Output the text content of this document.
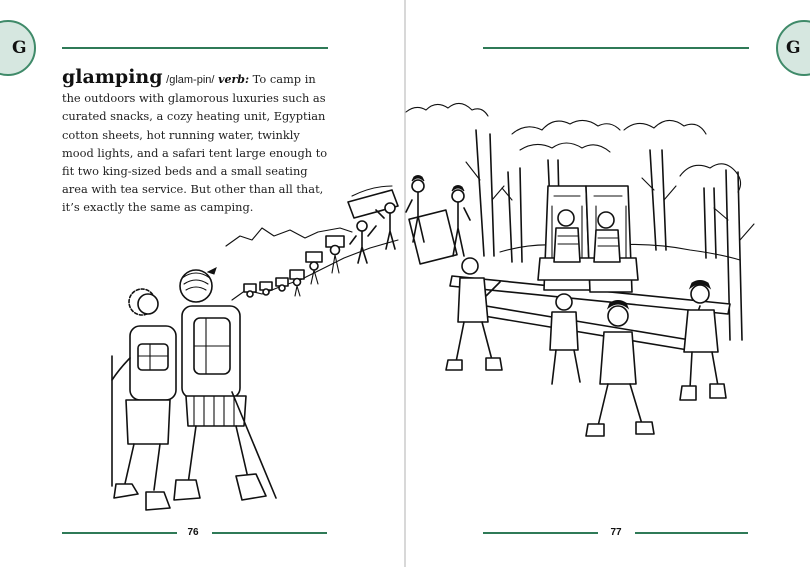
G

glamping /glam-pin/ verb: To camp in the outdoors with glamorous luxuries such as curated snacks, a cozy heating unit, Egyptian cotton sheets, hot running water, twinkly mood lights, and a safari tent large enough to fit two king-sized beds and a small seating area with tea service. But other than all that, it’s exactly the same as camping.

76
G
77
